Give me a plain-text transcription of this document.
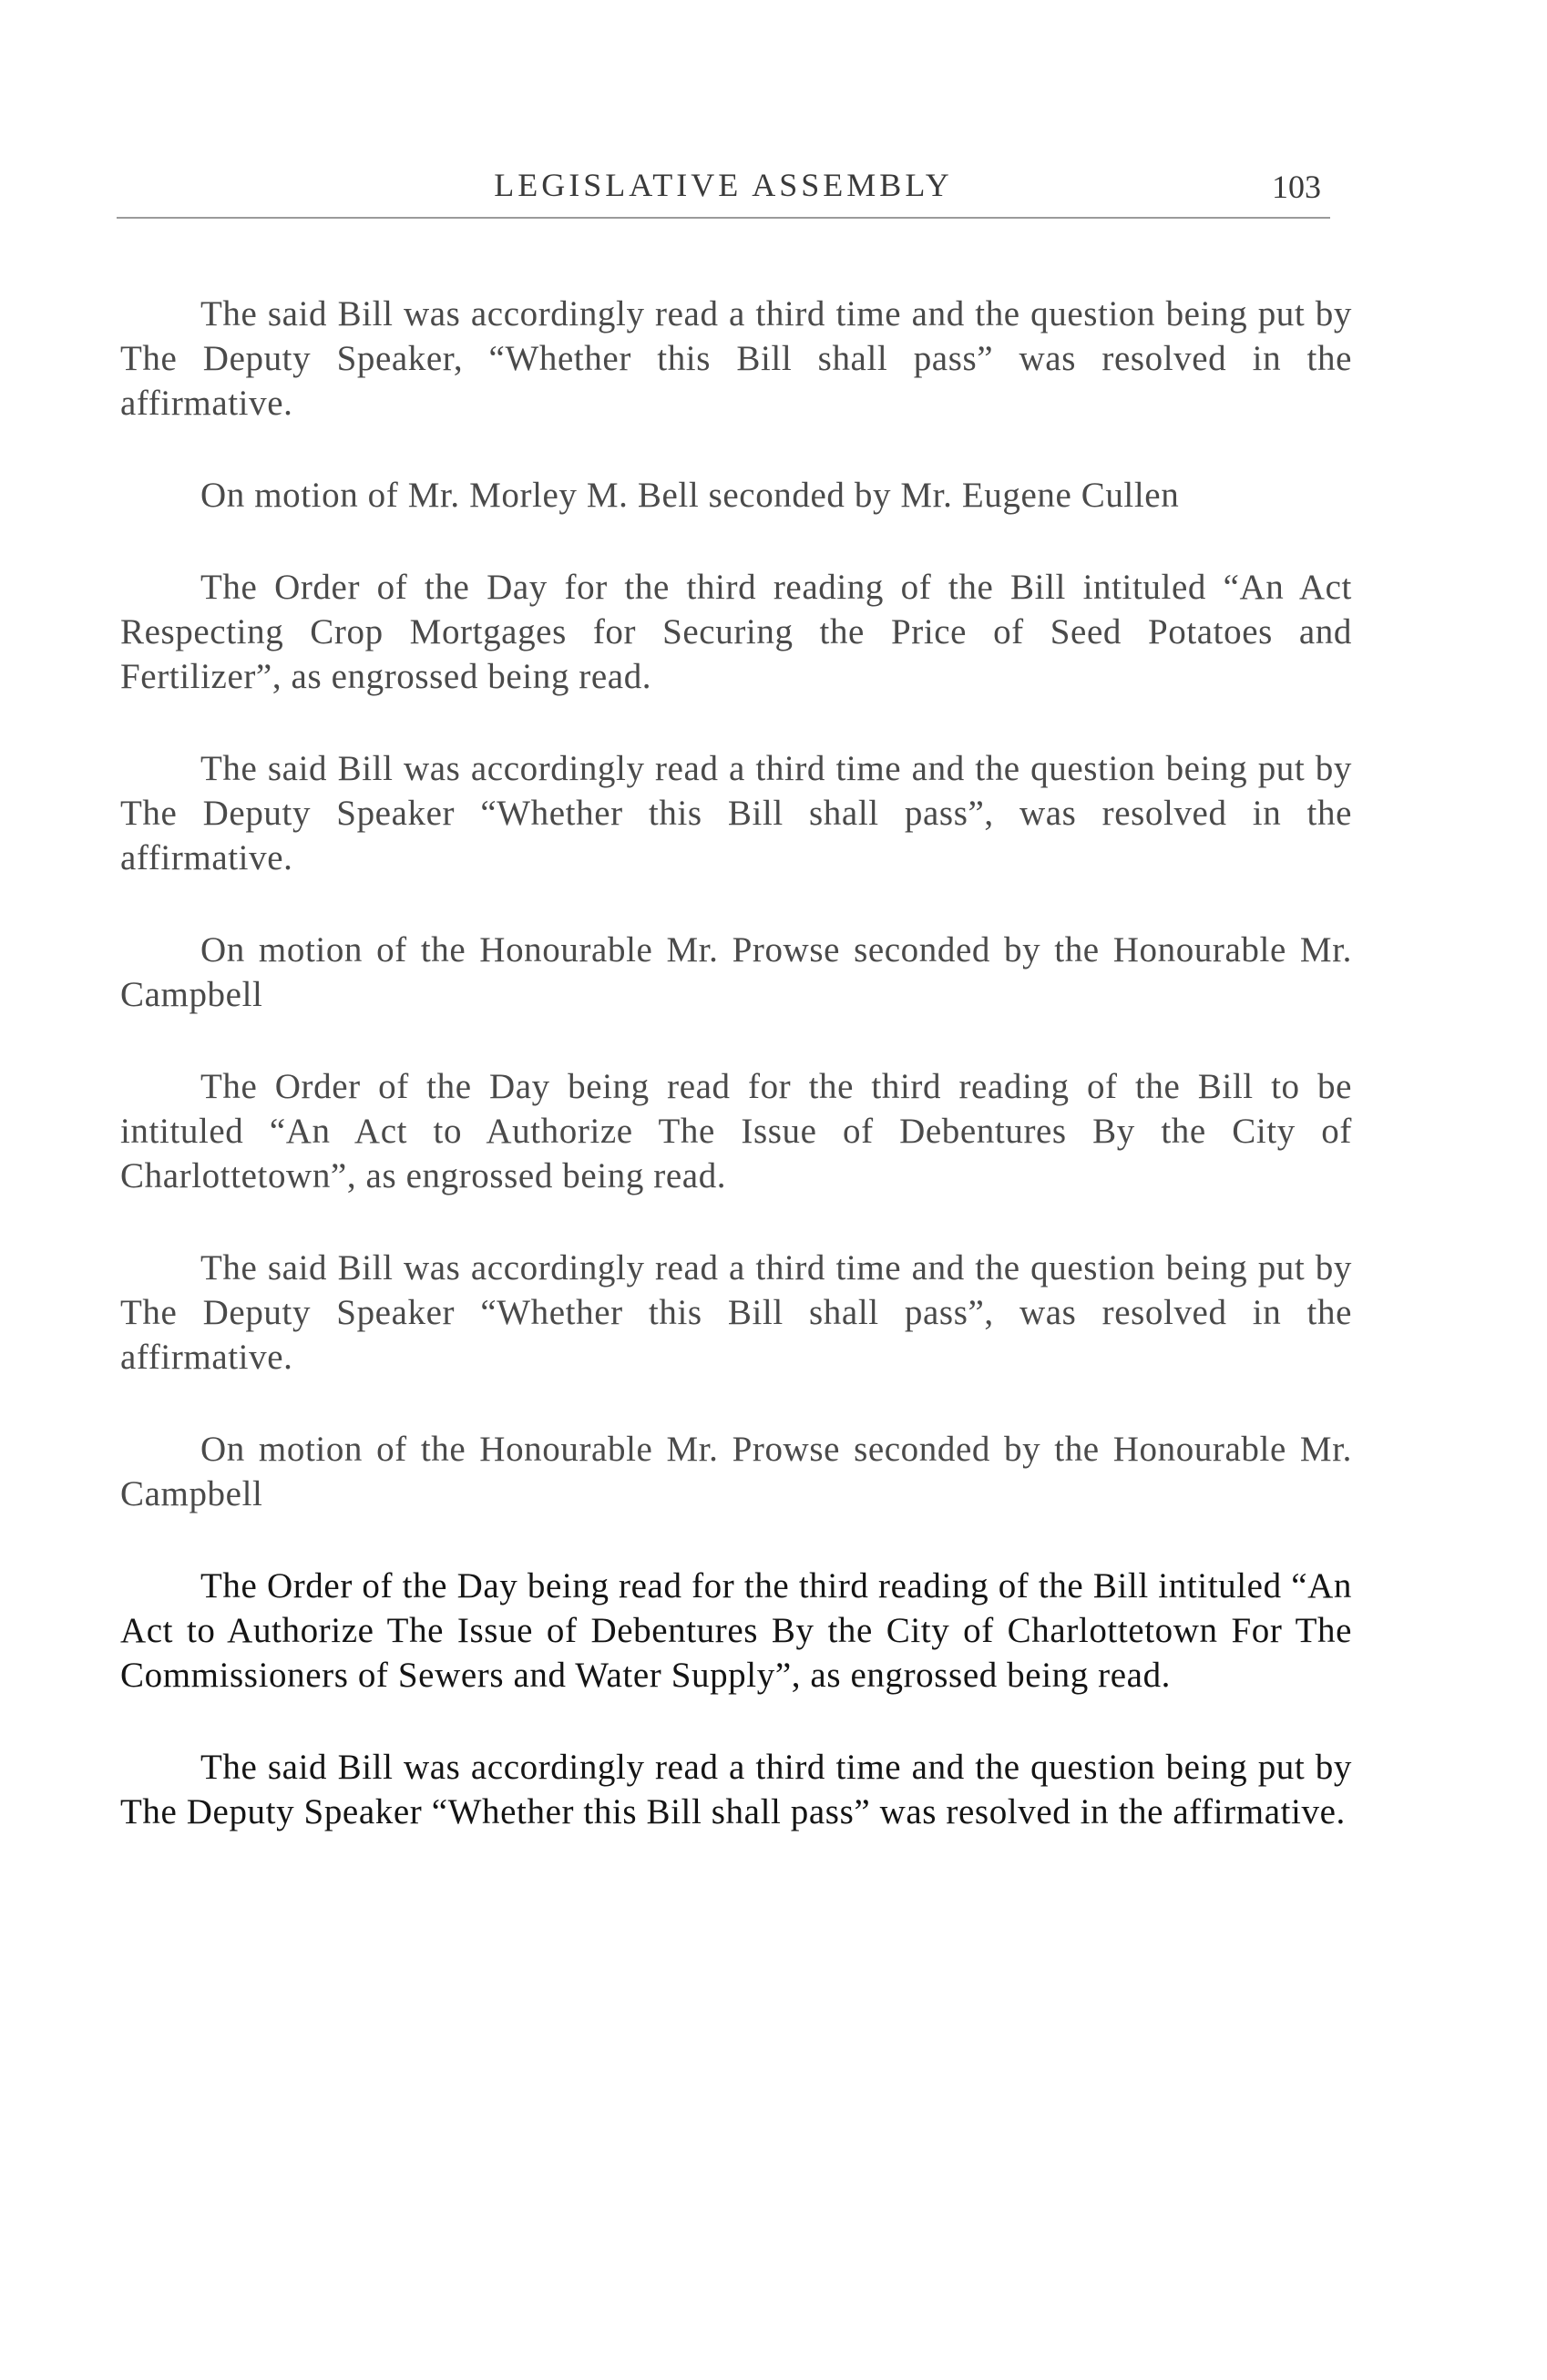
LEGISLATIVE ASSEMBLY	103

The said Bill was accordingly read a third time and the question being put by The Deputy Speaker, “Whether this Bill shall pass” was resolved in the affirmative.

On motion of Mr. Morley M. Bell seconded by Mr. Eugene Cullen

The Order of the Day for the third reading of the Bill intituled “An Act Respecting Crop Mortgages for Securing the Price of Seed Potatoes and Fertilizer”, as engrossed being read.

The said Bill was accordingly read a third time and the question being put by The Deputy Speaker “Whether this Bill shall pass”, was resolved in the affirmative.

On motion of the Honourable Mr. Prowse seconded by the Honourable Mr. Campbell

The Order of the Day being read for the third reading of the Bill to be intituled “An Act to Authorize The Issue of Debentures By the City of Charlottetown”, as engrossed being read.

The said Bill was accordingly read a third time and the question being put by The Deputy Speaker “Whether this Bill shall pass”, was resolved in the affirmative.

On motion of the Honourable Mr. Prowse seconded by the Honourable Mr. Campbell

The Order of the Day being read for the third reading of the Bill intituled “An Act to Authorize The Issue of Debentures By the City of Charlottetown For The Commissioners of Sewers and Water Supply”, as engrossed being read.

The said Bill was accordingly read a third time and the question being put by The Deputy Speaker “Whether this Bill shall pass” was resolved in the affirmative.
